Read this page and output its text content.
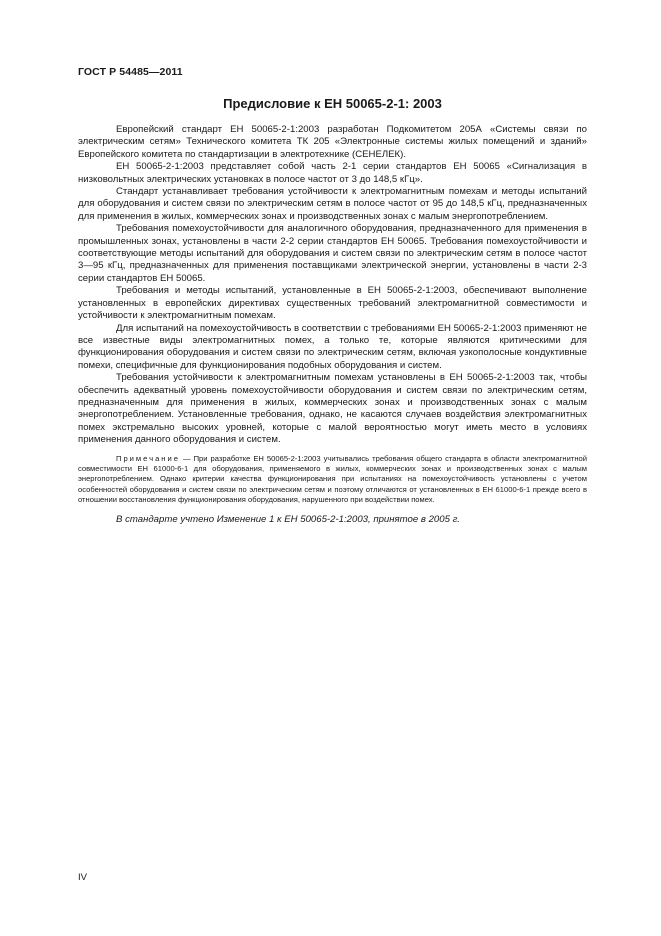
ГОСТ Р 54485—2011
Предисловие к ЕН 50065-2-1: 2003

Европейский стандарт ЕН 50065-2-1:2003 разработан Подкомитетом 205А «Системы связи по электрическим сетям» Технического комитета ТК 205 «Электронные системы жилых помещений и зданий» Европейского комитета по стандартизации в электротехнике (СЕНЕЛЕК).

ЕН 50065-2-1:2003 представляет собой часть 2-1 серии стандартов ЕН 50065 «Сигнализация в низковольтных электрических установках в полосе частот от 3 до 148,5 кГц».

Стандарт устанавливает требования устойчивости к электромагнитным помехам и методы испытаний для оборудования и систем связи по электрическим сетям в полосе частот от 95 до 148,5 кГц, предназначенных для применения в жилых, коммерческих зонах и производственных зонах с малым энергопотреблением.

Требования помехоустойчивости для аналогичного оборудования, предназначенного для применения в промышленных зонах, установлены в части 2-2 серии стандартов ЕН 50065. Требования помехоустойчивости и соответствующие методы испытаний для оборудования и систем связи по электрическим сетям в полосе частот 3—95 кГц, предназначенных для применения поставщиками электрической энергии, установлены в части 2-3 серии стандартов ЕН 50065.

Требования и методы испытаний, установленные в ЕН 50065-2-1:2003, обеспечивают выполнение установленных в европейских директивах существенных требований электромагнитной совместимости и устойчивости к электромагнитным помехам.

Для испытаний на помехоустойчивость в соответствии с требованиями ЕН 50065-2-1:2003 применяют не все известные виды электромагнитных помех, а только те, которые являются критическими для функционирования оборудования и систем связи по электрическим сетям, включая узкополосные кондуктивные помехи, специфичные для функционирования подобных оборудования и систем.

Требования устойчивости к электромагнитным помехам установлены в ЕН 50065-2-1:2003 так, чтобы обеспечить адекватный уровень помехоустойчивости оборудования и систем связи по электрическим сетям, предназначенным для применения в жилых, коммерческих зонах и производственных зонах с малым энергопотреблением. Установленные требования, однако, не касаются случаев воздействия электромагнитных помех экстремально высоких уровней, которые с малой вероятностью могут иметь место в условиях применения данного оборудования и систем.

Примечание — При разработке ЕН 50065-2-1:2003 учитывались требования общего стандарта в области электромагнитной совместимости ЕН 61000-6-1 для оборудования, применяемого в жилых, коммерческих зонах и производственных зонах с малым энергопотреблением. Однако критерии качества функционирования при испытаниях на помехоустойчивость установлены с учетом особенностей оборудования и систем связи по электрическим сетям и поэтому отличаются от установленных в ЕН 61000-6-1 прежде всего в отношении восстановления функционирования оборудования, нарушенного при воздействии помех.

В стандарте учтено Изменение 1 к ЕН 50065-2-1:2003, принятое в 2005 г.

IV
